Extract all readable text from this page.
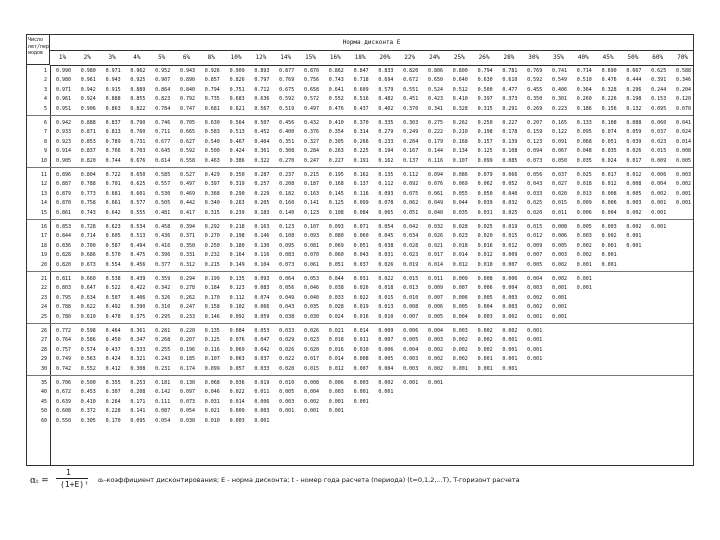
Число
лет/пер
иодов
Норма дисконта Е
1%	2%	3%	4%	5%	6%	8%	10%	12%	14%	15%	16%	18%	20%	22%	24%	25%	26%	28%	30%	35%	40%	45%	50%	60%	70%
1	0.990	0.980	0.971	0.962	0.952	0.943	0.926	0.909	0.893	0.877	0.870	0.862	0.847	0.833	0.820	0.806	0.800	0.794	0.781	0.769	0.741	0.714	0.690	0.667	0.625	0.588
2	0.980	0.961	0.943	0.925	0.907	0.890	0.857	0.826	0.797	0.769	0.756	0.743	0.718	0.694	0.672	0.650	0.640	0.630	0.610	0.592	0.549	0.510	0.476	0.444	0.391	0.346
3	0.971	0.942	0.915	0.889	0.864	0.840	0.794	0.751	0.712	0.675	0.658	0.641	0.609	0.579	0.551	0.524	0.512	0.500	0.477	0.455	0.406	0.364	0.328	0.296	0.244	0.204
4	0.961	0.924	0.888	0.855	0.823	0.792	0.735	0.683	0.636	0.592	0.572	0.552	0.516	0.482	0.451	0.423	0.410	0.397	0.373	0.350	0.301	0.260	0.226	0.198	0.153	0.120
5	0.951	0.906	0.863	0.822	0.784	0.747	0.681	0.621	0.567	0.519	0.497	0.476	0.437	0.402	0.370	0.341	0.328	0.315	0.291	0.269	0.223	0.186	0.156	0.132	0.095	0.070
6	0.942	0.888	0.837	0.790	0.746	0.705	0.630	0.564	0.507	0.456	0.432	0.410	0.370	0.335	0.303	0.275	0.262	0.250	0.227	0.207	0.165	0.133	0.108	0.088	0.060	0.041
7	0.933	0.871	0.813	0.760	0.711	0.665	0.583	0.513	0.452	0.400	0.376	0.354	0.314	0.279	0.249	0.222	0.210	0.198	0.178	0.159	0.122	0.095	0.074	0.059	0.037	0.024
8	0.923	0.853	0.789	0.731	0.677	0.627	0.540	0.467	0.404	0.351	0.327	0.305	0.266	0.233	0.204	0.179	0.168	0.157	0.139	0.123	0.091	0.068	0.051	0.039	0.023	0.014
9	0.914	0.837	0.766	0.703	0.645	0.592	0.500	0.424	0.361	0.308	0.284	0.263	0.225	0.194	0.167	0.144	0.134	0.125	0.108	0.094	0.067	0.048	0.035	0.026	0.015	0.008
10	0.905	0.820	0.744	0.676	0.614	0.558	0.463	0.386	0.322	0.270	0.247	0.227	0.191	0.162	0.137	0.116	0.107	0.099	0.085	0.073	0.050	0.035	0.024	0.017	0.009	0.005
11	0.896	0.804	0.722	0.650	0.585	0.527	0.429	0.350	0.287	0.237	0.215	0.195	0.162	0.135	0.112	0.094	0.086	0.079	0.066	0.056	0.037	0.025	0.017	0.012	0.006	0.003
12	0.887	0.788	0.701	0.625	0.557	0.497	0.397	0.319	0.257	0.208	0.187	0.168	0.137	0.112	0.092	0.076	0.069	0.062	0.052	0.043	0.027	0.018	0.012	0.008	0.004	0.002
13	0.879	0.773	0.681	0.601	0.530	0.469	0.368	0.290	0.229	0.182	0.163	0.145	0.116	0.093	0.075	0.061	0.055	0.050	0.040	0.033	0.020	0.013	0.008	0.005	0.002	0.001
14	0.870	0.758	0.661	0.577	0.505	0.442	0.340	0.263	0.205	0.160	0.141	0.125	0.099	0.078	0.062	0.049	0.044	0.039	0.032	0.025	0.015	0.009	0.006	0.003	0.001	0.001
15	0.861	0.743	0.642	0.555	0.481	0.417	0.315	0.239	0.183	0.140	0.123	0.108	0.084	0.065	0.051	0.040	0.035	0.031	0.025	0.020	0.011	0.006	0.004	0.002	0.001
16	0.853	0.728	0.623	0.534	0.458	0.394	0.292	0.218	0.163	0.123	0.107	0.093	0.071	0.054	0.042	0.032	0.028	0.025	0.019	0.015	0.008	0.005	0.003	0.002	0.001
17	0.844	0.714	0.605	0.513	0.436	0.371	0.270	0.198	0.146	0.108	0.093	0.080	0.060	0.045	0.034	0.026	0.023	0.020	0.015	0.012	0.006	0.003	0.002	0.001
18	0.836	0.700	0.587	0.494	0.416	0.350	0.250	0.180	0.130	0.095	0.081	0.069	0.051	0.038	0.028	0.021	0.018	0.016	0.012	0.009	0.005	0.002	0.001	0.001
19	0.828	0.686	0.570	0.475	0.396	0.331	0.232	0.164	0.116	0.083	0.070	0.060	0.043	0.031	0.023	0.017	0.014	0.012	0.009	0.007	0.003	0.002	0.001
20	0.820	0.673	0.554	0.456	0.377	0.312	0.215	0.149	0.104	0.073	0.061	0.051	0.037	0.026	0.019	0.014	0.012	0.010	0.007	0.005	0.002	0.001	0.001
21	0.811	0.660	0.538	0.439	0.359	0.294	0.199	0.135	0.093	0.064	0.053	0.044	0.031	0.022	0.015	0.011	0.009	0.008	0.006	0.004	0.002	0.001
22	0.803	0.647	0.522	0.422	0.342	0.278	0.184	0.123	0.083	0.056	0.046	0.038	0.026	0.018	0.013	0.009	0.007	0.006	0.004	0.003	0.001	0.001
23	0.795	0.634	0.507	0.406	0.326	0.262	0.170	0.112	0.074	0.049	0.040	0.033	0.022	0.015	0.010	0.007	0.006	0.005	0.003	0.002	0.001
24	0.788	0.622	0.492	0.390	0.310	0.247	0.158	0.102	0.066	0.043	0.035	0.028	0.019	0.013	0.008	0.006	0.005	0.004	0.003	0.002	0.001
25	0.780	0.610	0.478	0.375	0.295	0.233	0.146	0.092	0.059	0.038	0.030	0.024	0.016	0.010	0.007	0.005	0.004	0.003	0.002	0.001	0.001
26	0.772	0.598	0.464	0.361	0.281	0.220	0.135	0.084	0.053	0.033	0.026	0.021	0.014	0.009	0.006	0.004	0.003	0.002	0.002	0.001
27	0.764	0.586	0.450	0.347	0.268	0.207	0.125	0.076	0.047	0.029	0.023	0.018	0.011	0.007	0.005	0.003	0.002	0.002	0.001	0.001
28	0.757	0.574	0.437	0.333	0.255	0.196	0.116	0.069	0.042	0.026	0.020	0.016	0.010	0.006	0.004	0.002	0.002	0.002	0.001	0.001
29	0.749	0.563	0.424	0.321	0.243	0.185	0.107	0.063	0.037	0.022	0.017	0.014	0.008	0.005	0.003	0.002	0.002	0.001	0.001	0.001
30	0.742	0.552	0.412	0.308	0.231	0.174	0.099	0.057	0.033	0.020	0.015	0.012	0.007	0.004	0.003	0.002	0.001	0.001	0.001
35	0.706	0.500	0.355	0.253	0.181	0.130	0.068	0.036	0.019	0.010	0.008	0.006	0.003	0.002	0.001	0.001
40	0.672	0.453	0.307	0.208	0.142	0.097	0.046	0.022	0.011	0.005	0.004	0.003	0.001	0.001
45	0.639	0.410	0.264	0.171	0.111	0.073	0.031	0.014	0.006	0.003	0.002	0.001	0.001
50	0.608	0.372	0.228	0.141	0.087	0.054	0.021	0.009	0.003	0.001	0.001	0.001
60	0.550	0.305	0.170	0.095	0.054	0.030	0.010	0.003	0.001
αₜ =
1
(1+E)ᵗ αₜ-коэффициент дисконтирования; E - норма дисконта; t - номер года расчета (периода) (t=0,1,2,...T), T-горизонт расчета
